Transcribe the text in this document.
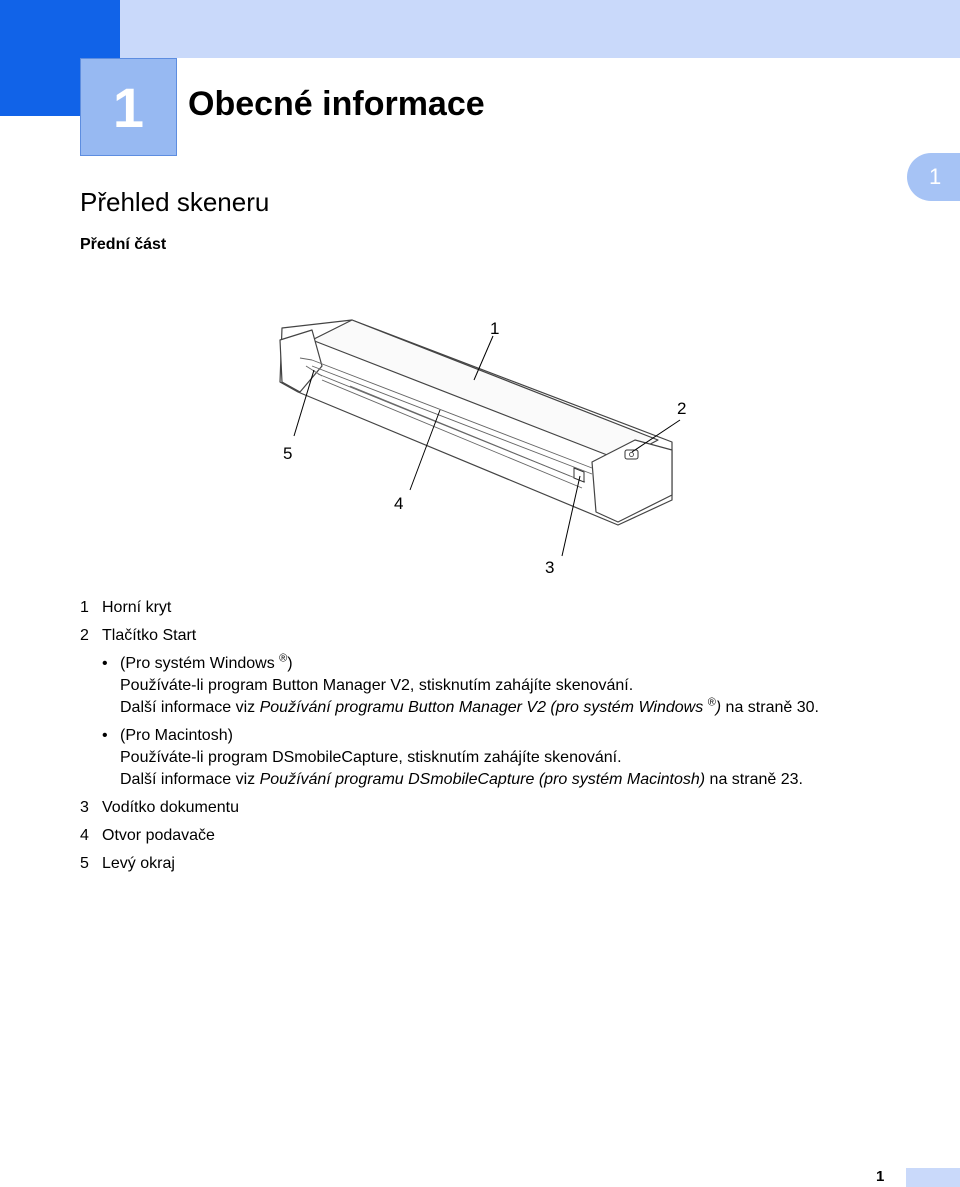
1	Obecné informace
1
Přehled skeneru
Přední část
1
2
3
4
5
1 Horní kryt
2 Tlačítko Start

• (Pro systém Windows ®)

Používáte-li program Button Manager V2, stisknutím zahájíte skenování.

Další informace viz Používání programu Button Manager V2 (pro systém Windows ®) na straně 30.

• (Pro Macintosh)

Používáte-li program DSmobileCapture, stisknutím zahájíte skenování.

Další informace viz Používání programu DSmobileCapture (pro systém Macintosh) na straně 23.

3 Vodítko dokumentu
4 Otvor podavače
5 Levý okraj
1
